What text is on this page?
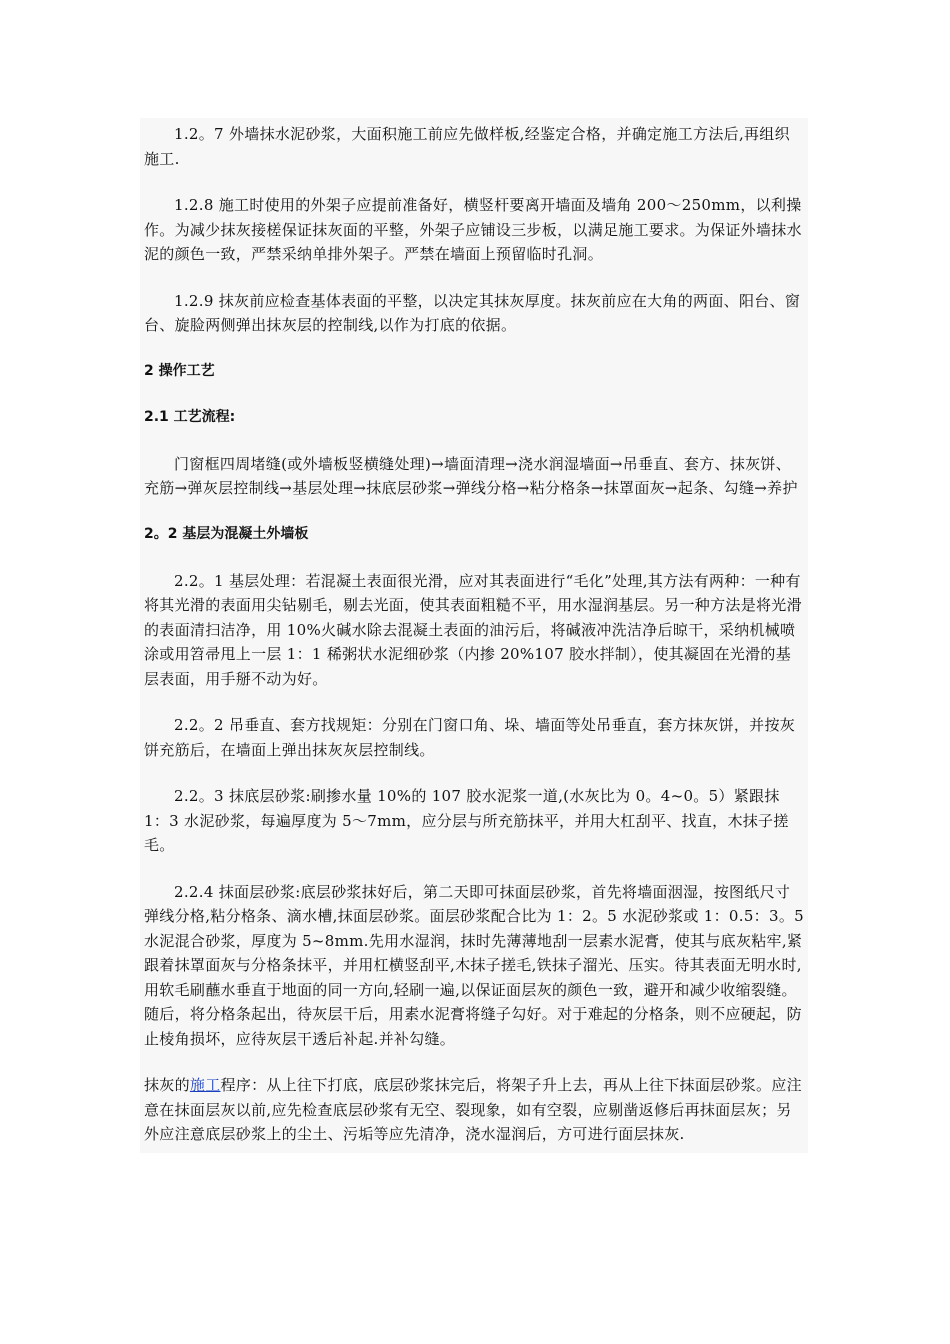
1.2。7 外墙抹水泥砂浆，大面积施工前应先做样板,经鉴定合格，并确定施工方法后,再组织施工.

1.2.8 施工时使用的外架子应提前准备好，横竖杆要离开墙面及墙角 200～250mm，以利操作。为减少抹灰接槎保证抹灰面的平整，外架子应铺设三步板，以满足施工要求。为保证外墙抹水泥的颜色一致，严禁采纳单排外架子。严禁在墙面上预留临时孔洞。

1.2.9 抹灰前应检查基体表面的平整，以决定其抹灰厚度。抹灰前应在大角的两面、阳台、窗台、旋脸两侧弹出抹灰层的控制线,以作为打底的依据。

2 操作工艺
2.1 工艺流程:

门窗框四周堵缝(或外墙板竖横缝处理)→墙面清理→浇水润湿墙面→吊垂直、套方、抹灰饼、充筋→弹灰层控制线→基层处理→抹底层砂浆→弹线分格→粘分格条→抹罩面灰→起条、勾缝→养护

2。2 基层为混凝土外墙板

2.2。1 基层处理：若混凝土表面很光滑，应对其表面进行“毛化”处理,其方法有两种：一种有将其光滑的表面用尖钻剔毛，剔去光面，使其表面粗糙不平，用水湿润基层。另一种方法是将光滑的表面清扫洁净，用 10%火碱水除去混凝土表面的油污后，将碱液冲洗洁净后晾干，采纳机械喷涂或用笤帚甩上一层 1：1 稀粥状水泥细砂浆（内掺 20%107 胶水拌制），使其凝固在光滑的基层表面，用手掰不动为好。

2.2。2 吊垂直、套方找规矩：分别在门窗口角、垛、墙面等处吊垂直，套方抹灰饼，并按灰饼充筋后，在墙面上弹出抹灰灰层控制线。

2.2。3 抹底层砂浆:刷掺水量 10%的 107 胶水泥浆一道,(水灰比为 0。4~0。5）紧跟抹 1：3 水泥砂浆，每遍厚度为 5～7mm，应分层与所充筋抹平，并用大杠刮平、找直，木抹子搓毛。

2.2.4 抹面层砂浆:底层砂浆抹好后，第二天即可抹面层砂浆，首先将墙面洇湿，按图纸尺寸弹线分格,粘分格条、滴水槽,抹面层砂浆。面层砂浆配合比为 1：2。5 水泥砂浆或 1：0.5：3。5 水泥混合砂浆，厚度为 5~8mm.先用水湿润，抹时先薄薄地刮一层素水泥膏，使其与底灰粘牢,紧跟着抹罩面灰与分格条抹平，并用杠横竖刮平,木抹子搓毛,铁抹子溜光、压实。待其表面无明水时,用软毛刷蘸水垂直于地面的同一方向,轻刷一遍,以保证面层灰的颜色一致，避开和减少收缩裂缝。随后，将分格条起出，待灰层干后，用素水泥膏将缝子勾好。对于难起的分格条，则不应硬起，防止棱角损坏，应待灰层干透后补起.并补勾缝。

抹灰的施工程序：从上往下打底，底层砂浆抹完后，将架子升上去，再从上往下抹面层砂浆。应注意在抹面层灰以前,应先检查底层砂浆有无空、裂现象，如有空裂，应剔凿返修后再抹面层灰；另外应注意底层砂浆上的尘土、污垢等应先清净，浇水湿润后，方可进行面层抹灰.
